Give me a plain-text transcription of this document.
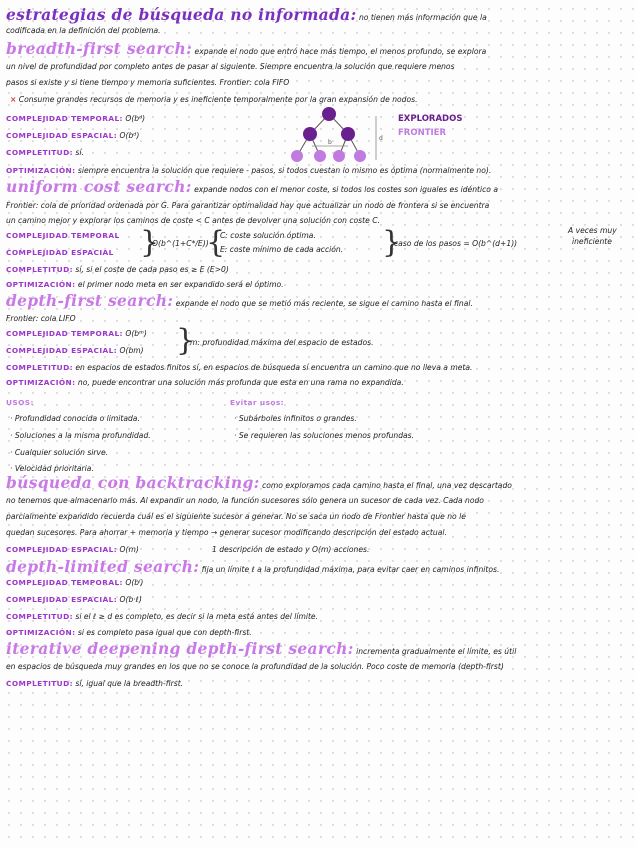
estrategias de búsqueda no informada: no tienen más información que la
codificada en la definición del problema.
breadth-first search: expande el nodo que entró hace más tiempo, el menos profundo, se explora
un nivel de profundidad por completo antes de pasar al siguiente. Siempre encuentra la solución que requiere menos
pasos si existe y si tiene tiempo y memoria suficientes. Frontier: cola FIFO
× Consume grandes recursos de memoria y es ineficiente temporalmente por la gran expansión de nodos.
COMPLEJIDAD TEMPORAL: O(bᵈ)
COMPLEJIDAD ESPACIAL: O(bᵈ)
COMPLETITUD: sí.
b
d
EXPLORADOS
FRONTIER
OPTIMIZACIÓN: siempre encuentra la solución que requiere - pasos, si todos cuestan lo mismo es óptima (normalmente no).
uniform cost search: expande nodos con el menor coste, si todos los costes son iguales es idéntico a
Frontier: cola de prioridad ordenada por G. Para garantizar optimalidad hay que actualizar un nodo de frontera si se encuentra
un camino mejor y explorar los caminos de coste < C antes de devolver una solución con coste C.
COMPLEJIDAD TEMPORAL
COMPLEJIDAD ESPACIAL }
O(b^(1+C*/E))
}
C: coste solución óptima.
E: coste mínimo de cada acción. }
caso de los pasos = O(b^(d+1))
A veces muy
ineficiente
COMPLETITUD: sí, si el coste de cada paso es ≥ E (E>0)
OPTIMIZACIÓN: el primer nodo meta en ser expandido será el óptimo.
depth-first search: expande el nodo que se metió más reciente, se sigue el camino hasta el final.
Frontier: cola LIFO
COMPLEJIDAD TEMPORAL: O(bᵐ)
COMPLEJIDAD ESPACIAL: O(bm)	}
m: profundidad máxima del espacio de estados.
COMPLETITUD: en espacios de estados finitos sí, en espacios de búsqueda sí encuentra un camino que no lleva a meta.
OPTIMIZACIÓN: no, puede encontrar una solución más profunda que esta en una rama no expandida.
USOS:	Evitar usos:
· Profundidad conocida o limitada.
· Soluciones a la misma profundidad.
· Cualquier solución sirve.
· Velocidad prioritaria.
· Subárboles infinitos o grandes.
· Se requieren las soluciones menos profundas.
búsqueda con backtracking: como exploramos cada camino hasta el final, una vez descartado
no tenemos que almacenarlo más. Al expandir un nodo, la función sucesores sólo genera un sucesor de cada vez. Cada nodo
parcialmente expandido recuerda cuál es el siguiente sucesor a generar. No se saca un nodo de Frontier hasta que no le
quedan sucesores. Para ahorrar + memoria y tiempo → generar sucesor modificando descripción del estado actual.
COMPLEJIDAD ESPACIAL: O(m)	1 descripción de estado y O(m) acciones.
depth-limited search: fija un límite ℓ a la profundidad máxima, para evitar caer en caminos infinitos.
COMPLEJIDAD TEMPORAL: O(bˡ)
COMPLEJIDAD ESPACIAL: O(b·ℓ)
COMPLETITUD: si el ℓ ≥ d es completo, es decir si la meta está antes del límite.
OPTIMIZACIÓN: si es completo pasa igual que con depth-first.
iterative deepening depth-first search: incrementa gradualmente el límite, es útil
en espacios de búsqueda muy grandes en los que no se conoce la profundidad de la solución. Poco coste de memoria (depth-first)
COMPLETITUD: sí, igual que la breadth-first.
